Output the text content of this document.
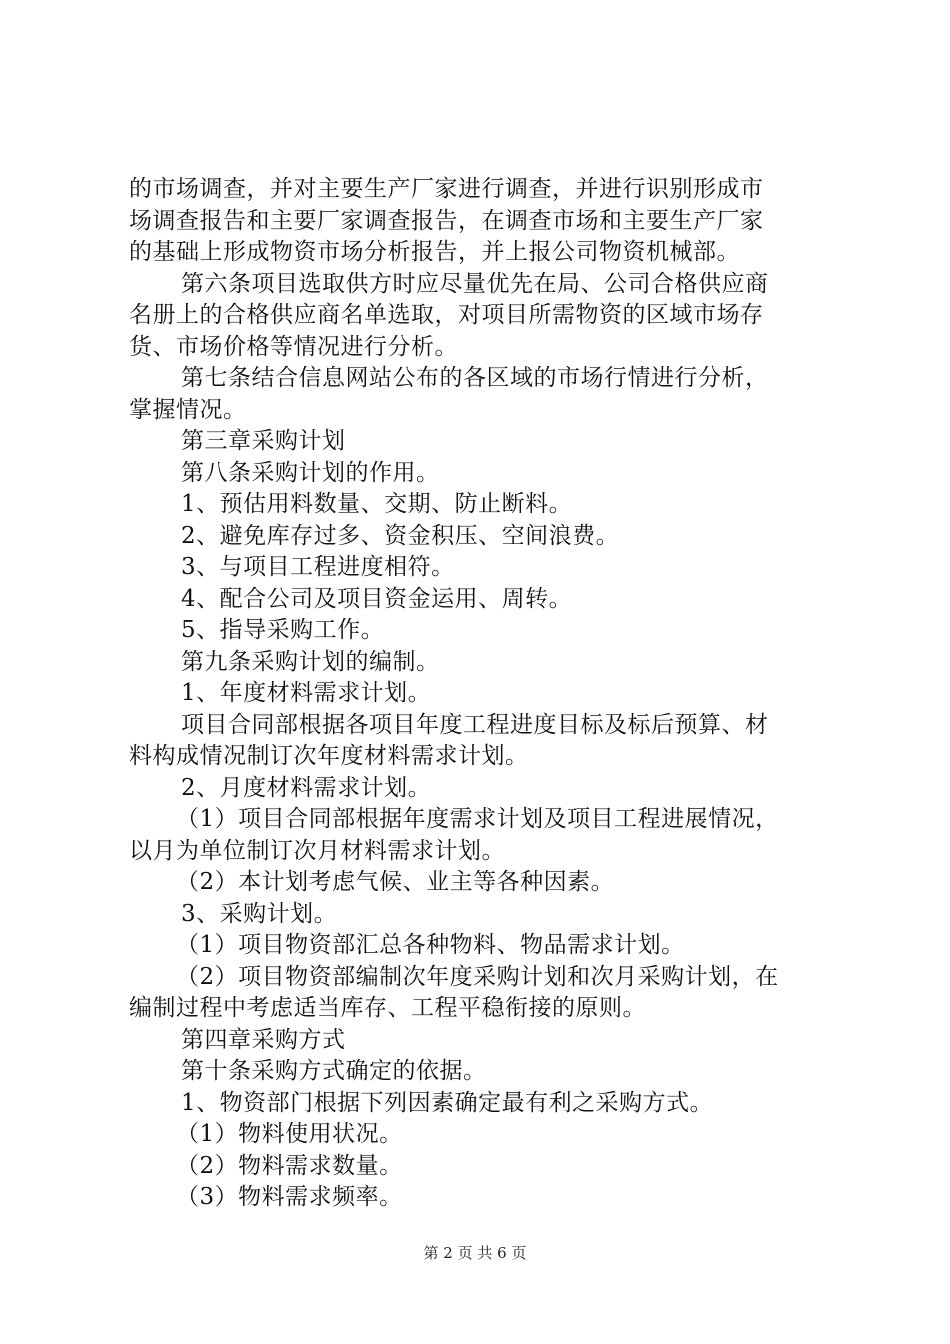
的市场调查，并对主要生产厂家进行调查，并进行识别形成市
场调查报告和主要厂家调查报告，在调查市场和主要生产厂家
的基础上形成物资市场分析报告，并上报公司物资机械部。
第六条项目选取供方时应尽量优先在局、公司合格供应商
名册上的合格供应商名单选取，对项目所需物资的区域市场存
货、市场价格等情况进行分析。
第七条结合信息网站公布的各区域的市场行情进行分析，
掌握情况。
第三章采购计划
第八条采购计划的作用。
1、预估用料数量、交期、防止断料。
2、避免库存过多、资金积压、空间浪费。
3、与项目工程进度相符。
4、配合公司及项目资金运用、周转。
5、指导采购工作。
第九条采购计划的编制。
1、年度材料需求计划。
项目合同部根据各项目年度工程进度目标及标后预算、材
料构成情况制订次年度材料需求计划。
2、月度材料需求计划。
（1）项目合同部根据年度需求计划及项目工程进展情况，
以月为单位制订次月材料需求计划。
（2）本计划考虑气候、业主等各种因素。
3、采购计划。
（1）项目物资部汇总各种物料、物品需求计划。
（2）项目物资部编制次年度采购计划和次月采购计划，在
编制过程中考虑适当库存、工程平稳衔接的原则。
第四章采购方式
第十条采购方式确定的依据。
1、物资部门根据下列因素确定最有利之采购方式。
（1）物料使用状况。
（2）物料需求数量。
（3）物料需求频率。
第 2 页 共 6 页
